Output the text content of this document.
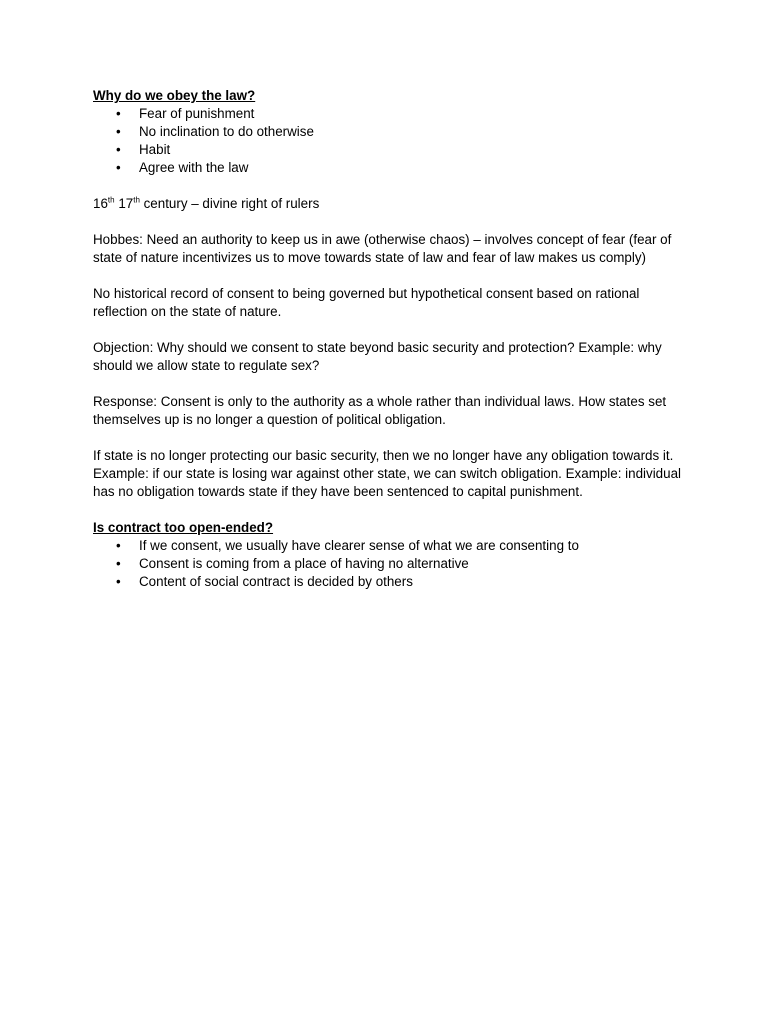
Why do we obey the law?

• Fear of punishment
• No inclination to do otherwise
• Habit
• Agree with the law

16th 17th century – divine right of rulers

Hobbes: Need an authority to keep us in awe (otherwise chaos) – involves concept of fear (fear of state of nature incentivizes us to move towards state of law and fear of law makes us comply)

No historical record of consent to being governed but hypothetical consent based on rational reflection on the state of nature.

Objection: Why should we consent to state beyond basic security and protection? Example: why should we allow state to regulate sex?

Response: Consent is only to the authority as a whole rather than individual laws. How states set themselves up is no longer a question of political obligation.

If state is no longer protecting our basic security, then we no longer have any obligation towards it. Example: if our state is losing war against other state, we can switch obligation. Example: individual has no obligation towards state if they have been sentenced to capital punishment.

Is contract too open-ended?

• If we consent, we usually have clearer sense of what we are consenting to
• Consent is coming from a place of having no alternative
• Content of social contract is decided by others
